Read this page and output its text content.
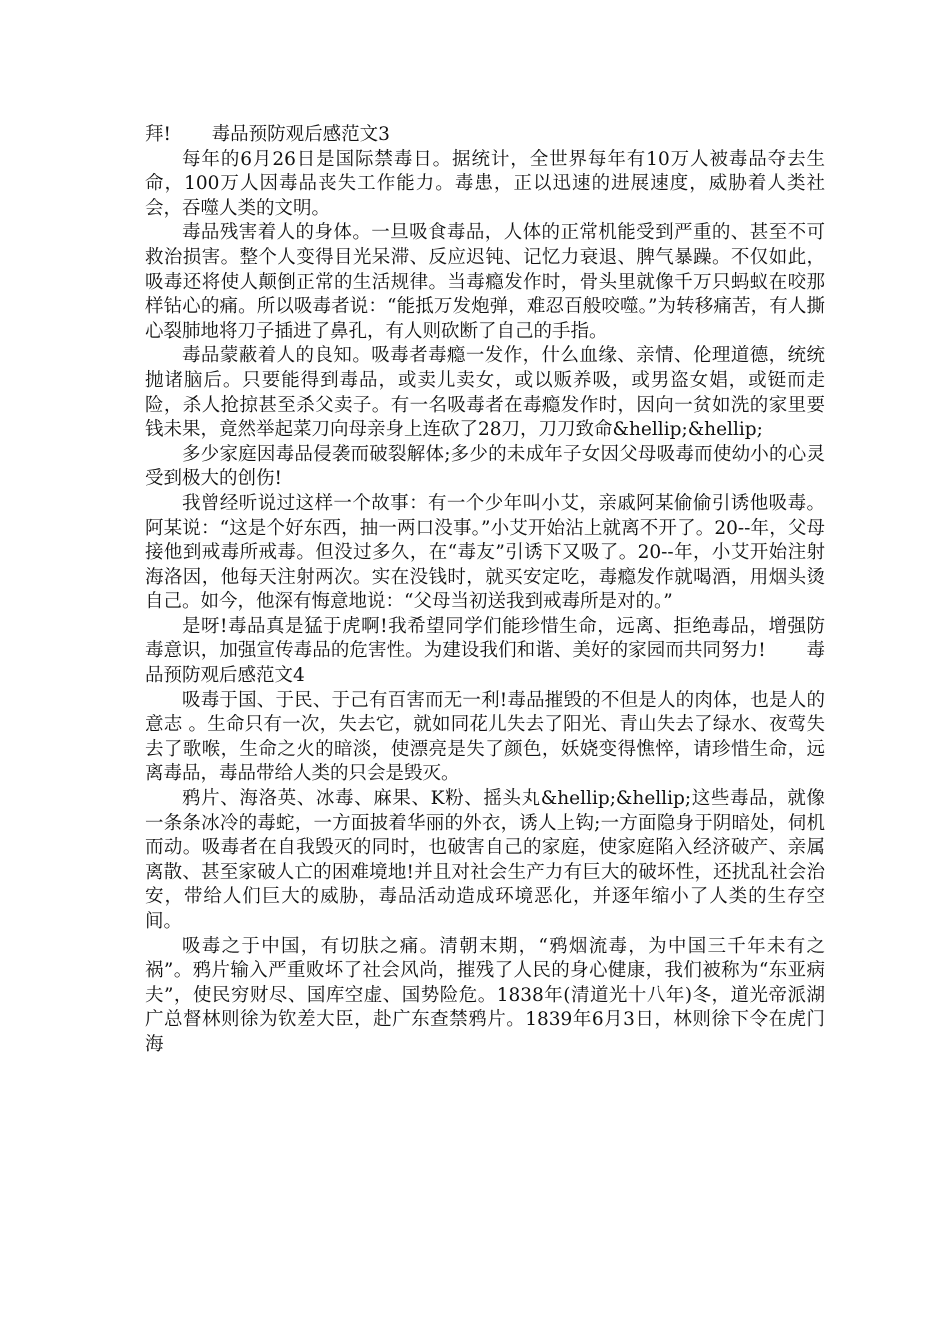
拜! 毒品预防观后感范文3

每年的6月26日是国际禁毒日。据统计，全世界每年有10万人被毒品夺去生命，100万人因毒品丧失工作能力。毒患，正以迅速的进展速度，威胁着人类社会，吞噬人类的文明。

毒品残害着人的身体。一旦吸食毒品，人体的正常机能受到严重的、甚至不可救治损害。整个人变得目光呆滞、反应迟钝、记忆力衰退、脾气暴躁。不仅如此，吸毒还将使人颠倒正常的生活规律。当毒瘾发作时，骨头里就像千万只蚂蚁在咬那样钻心的痛。所以吸毒者说：“能抵万发炮弹，难忍百般咬噬。”为转移痛苦，有人撕心裂肺地将刀子插进了鼻孔，有人则砍断了自己的手指。

毒品蒙蔽着人的良知。吸毒者毒瘾一发作，什么血缘、亲情、伦理道德，统统抛诸脑后。只要能得到毒品，或卖儿卖女，或以贩养吸，或男盗女娼，或铤而走险，杀人抢掠甚至杀父卖子。有一名吸毒者在毒瘾发作时，因向一贫如洗的家里要钱未果，竟然举起菜刀向母亲身上连砍了28刀，刀刀致命&hellip;&hellip;

多少家庭因毒品侵袭而破裂解体;多少的未成年子女因父母吸毒而使幼小的心灵受到极大的创伤!

我曾经听说过这样一个故事：有一个少年叫小艾，亲戚阿某偷偷引诱他吸毒。阿某说：“这是个好东西，抽一两口没事。”小艾开始沾上就离不开了。20--年，父母接他到戒毒所戒毒。但没过多久，在“毒友”引诱下又吸了。20--年，小艾开始注射海洛因，他每天注射两次。实在没钱时，就买安定吃，毒瘾发作就喝酒，用烟头烫自己。如今，他深有悔意地说：“父母当初送我到戒毒所是对的。”

是呀!毒品真是猛于虎啊!我希望同学们能珍惜生命，远离、拒绝毒品，增强防毒意识，加强宣传毒品的危害性。为建设我们和谐、美好的家园而共同努力! 毒品预防观后感范文4

吸毒于国、于民、于己有百害而无一利!毒品摧毁的不但是人的肉体，也是人的意志 。生命只有一次，失去它，就如同花儿失去了阳光、青山失去了绿水、夜莺失去了歌喉，生命之火的暗淡，使漂亮是失了颜色，妖娆变得憔悴，请珍惜生命，远离毒品，毒品带给人类的只会是毁灭。

鸦片、海洛英、冰毒、麻果、K粉、摇头丸&hellip;&hellip;这些毒品，就像一条条冰冷的毒蛇，一方面披着华丽的外衣，诱人上钩;一方面隐身于阴暗处，伺机而动。吸毒者在自我毁灭的同时，也破害自己的家庭，使家庭陷入经济破产、亲属离散、甚至家破人亡的困难境地!并且对社会生产力有巨大的破坏性，还扰乱社会治安，带给人们巨大的威胁，毒品活动造成环境恶化，并逐年缩小了人类的生存空间。

吸毒之于中国，有切肤之痛。清朝末期，“鸦烟流毒，为中国三千年未有之祸”。鸦片输入严重败坏了社会风尚，摧残了人民的身心健康，我们被称为“东亚病夫”，使民穷财尽、国库空虚、国势险危。1838年(清道光十八年)冬，道光帝派湖广总督林则徐为钦差大臣，赴广东查禁鸦片。1839年6月3日，林则徐下令在虎门海
